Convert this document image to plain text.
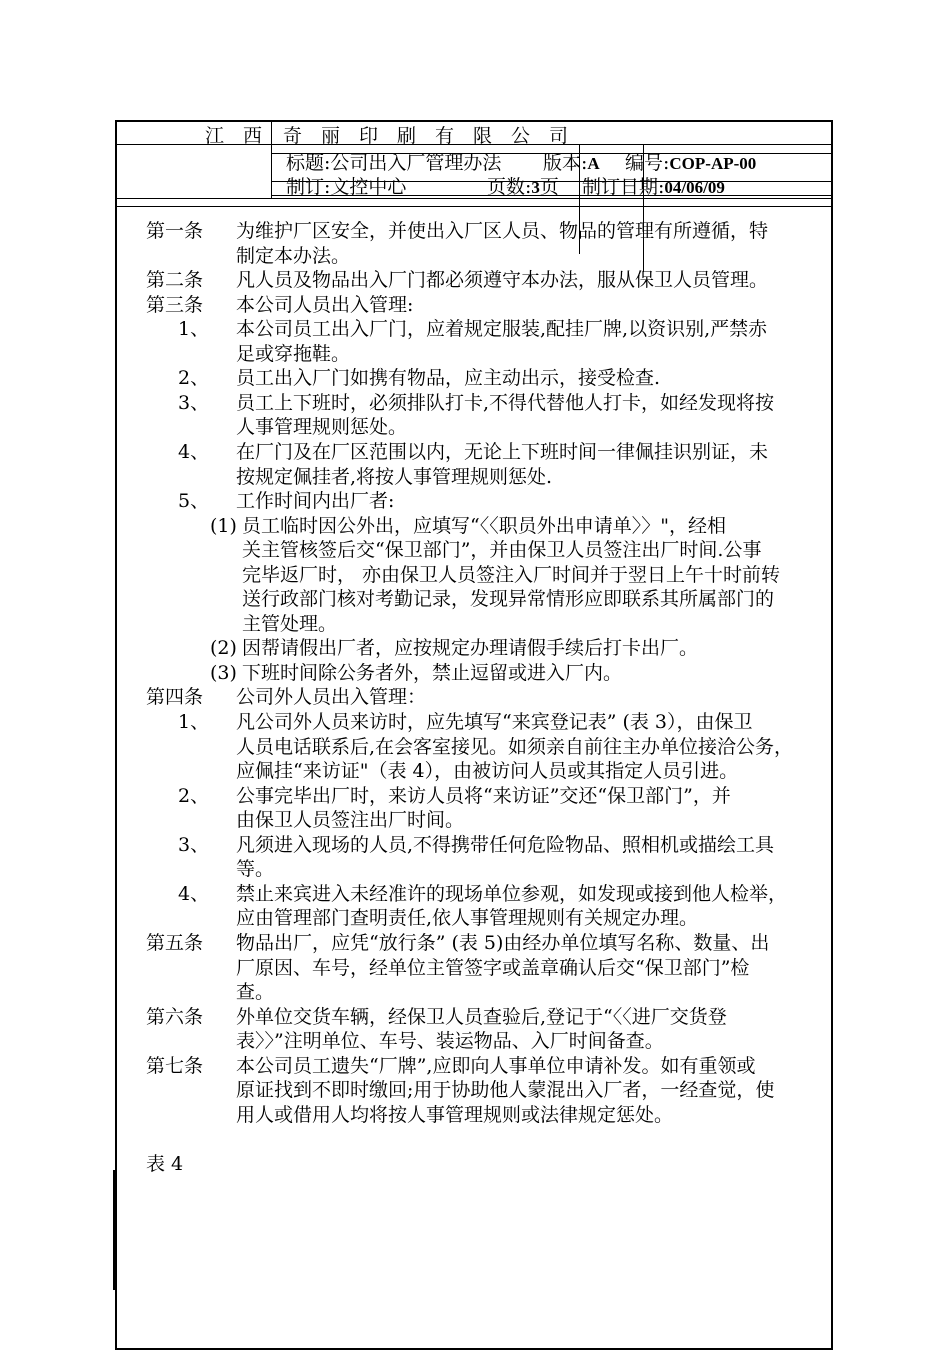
江　西 奇　丽　印　刷　有　限　公　司
标题:公司出入厂管理办法 版本:A 编号:COP-AP-00
制订:文控中心	页数:3页 制订日期:04/06/09
第一条 为维护厂区安全，并使出入厂区人员、物品的管理有所遵循，特
制定本办法。
第二条 凡人员及物品出入厂门都必须遵守本办法，服从保卫人员管理。
第三条 本公司人员出入管理:
1、 本公司员工出入厂门，应着规定服装,配挂厂牌,以资识别,严禁赤
足或穿拖鞋。
2、 员工出入厂门如携有物品，应主动出示，接受检查.
3、 员工上下班时，必须排队打卡,不得代替他人打卡，如经发现将按
人事管理规则惩处。
4、 在厂门及在厂区范围以内，无论上下班时间一律佩挂识别证，未
按规定佩挂者,将按人事管理规则惩处.
5、 工作时间内出厂者:
(1) 员工临时因公外出，应填写“〈〈职员外出申请单〉〉"，经相
关主管核签后交“保卫部门”，并由保卫人员签注出厂时间.公事
完毕返厂时， 亦由保卫人员签注入厂时间并于翌日上午十时前转
送行政部门核对考勤记录，发现异常情形应即联系其所属部门的
主管处理。
(2) 因帮请假出厂者，应按规定办理请假手续后打卡出厂。
(3) 下班时间除公务者外，禁止逗留或进入厂内。
第四条 公司外人员出入管理：
1、 凡公司外人员来访时，应先填写“来宾登记表” (表 3），由保卫
人员电话联系后,在会客室接见。如须亲自前往主办单位接洽公务，
应佩挂“来访证"（表 4），由被访问人员或其指定人员引进。
2、 公事完毕出厂时，来访人员将“来访证”交还“保卫部门”，并
由保卫人员签注出厂时间。
3、 凡须进入现场的人员,不得携带任何危险物品、照相机或描绘工具
等。
4、 禁止来宾进入未经准许的现场单位参观，如发现或接到他人检举，
应由管理部门查明责任,依人事管理规则有关规定办理。
第五条 物品出厂，应凭“放行条” (表 5)由经办单位填写名称、数量、出
厂原因、车号，经单位主管签字或盖章确认后交“保卫部门”检
查。
第六条 外单位交货车辆，经保卫人员查验后,登记于“〈〈进厂交货登
表〉〉”注明单位、车号、装运物品、入厂时间备查。
第七条 本公司员工遗失“厂牌”,应即向人事单位申请补发。如有重领或
原证找到不即时缴回;用于协助他人蒙混出入厂者，一经查觉，使
用人或借用人均将按人事管理规则或法律规定惩处。
表 4
